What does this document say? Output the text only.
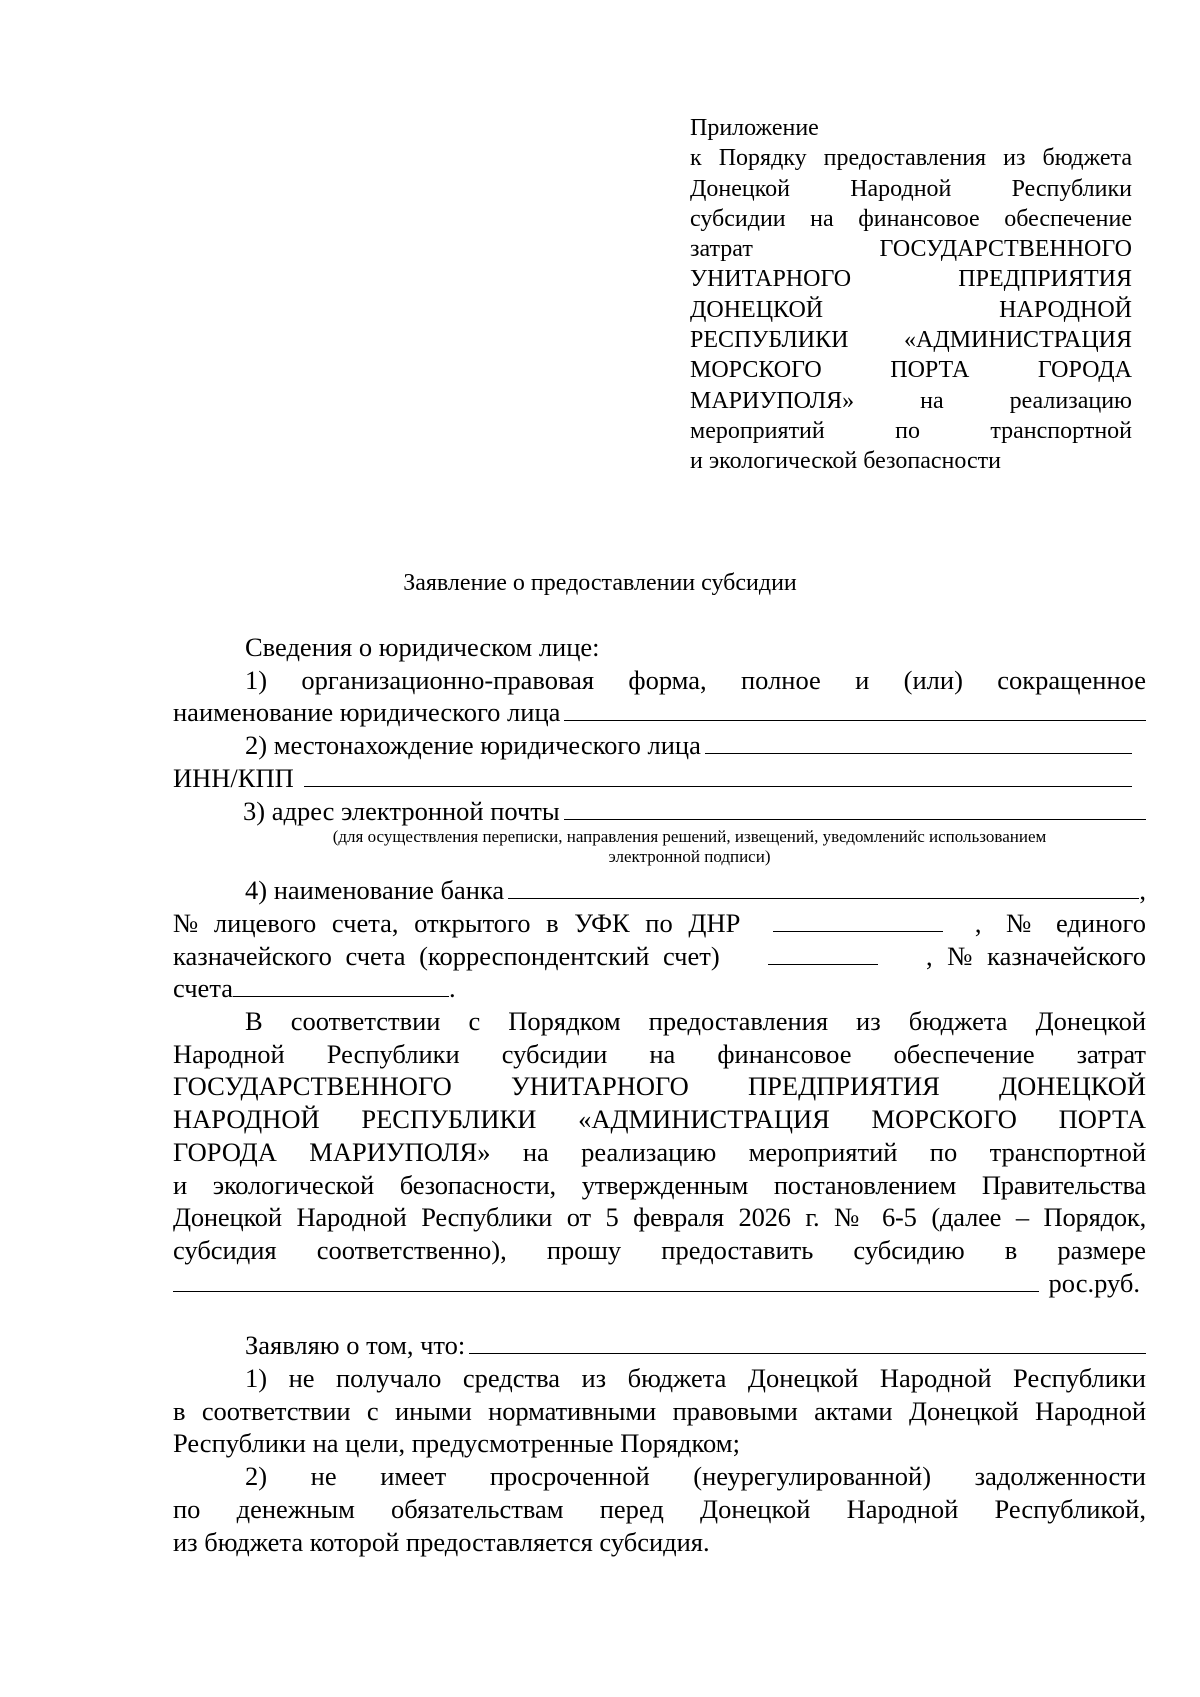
Приложение
к Порядку предоставления из бюджета
Донецкой Народной Республики
субсидии на финансовое обеспечение
затрат ГОСУДАРСТВЕННОГО
УНИТАРНОГО ПРЕДПРИЯТИЯ
ДОНЕЦКОЙ НАРОДНОЙ
РЕСПУБЛИКИ «АДМИНИСТРАЦИЯ
МОРСКОГО ПОРТА ГОРОДА
МАРИУПОЛЯ» на реализацию
мероприятий по транспортной
и экологической безопасности
Заявление о предоставлении субсидии
Сведения о юридическом лице:
1) организационно-правовая форма, полное и (или) сокращенное
наименование юридического лица
2) местонахождение юридического лица
ИНН/КПП
3) адрес электронной почты
(для осуществления переписки, направления решений, извещений, уведомленийс использованием
электронной подписи)
4) наименование банка	,
№ лицевого счета, открытого в УФК по ДНР	, № единого
казначейского счета (корреспондентский счет)	, № казначейского
счета	.
В соответствии с Порядком предоставления из бюджета Донецкой
Народной Республики субсидии на финансовое обеспечение затрат
ГОСУДАРСТВЕННОГО УНИТАРНОГО ПРЕДПРИЯТИЯ ДОНЕЦКОЙ
НАРОДНОЙ РЕСПУБЛИКИ «АДМИНИСТРАЦИЯ МОРСКОГО ПОРТА
ГОРОДА МАРИУПОЛЯ» на реализацию мероприятий по транспортной
и экологической безопасности, утвержденным постановлением Правительства
Донецкой Народной Республики от 5 февраля 2026 г. № 6-5 (далее – Порядок,
субсидия соответственно), прошу предоставить субсидию в размере
рос.руб.
Заявляю о том, что:
1) не получало средства из бюджета Донецкой Народной Республики
в соответствии с иными нормативными правовыми актами Донецкой Народной
Республики на цели, предусмотренные Порядком;
2) не имеет просроченной (неурегулированной) задолженности
по денежным обязательствам перед Донецкой Народной Республикой,
из бюджета которой предоставляется субсидия.
